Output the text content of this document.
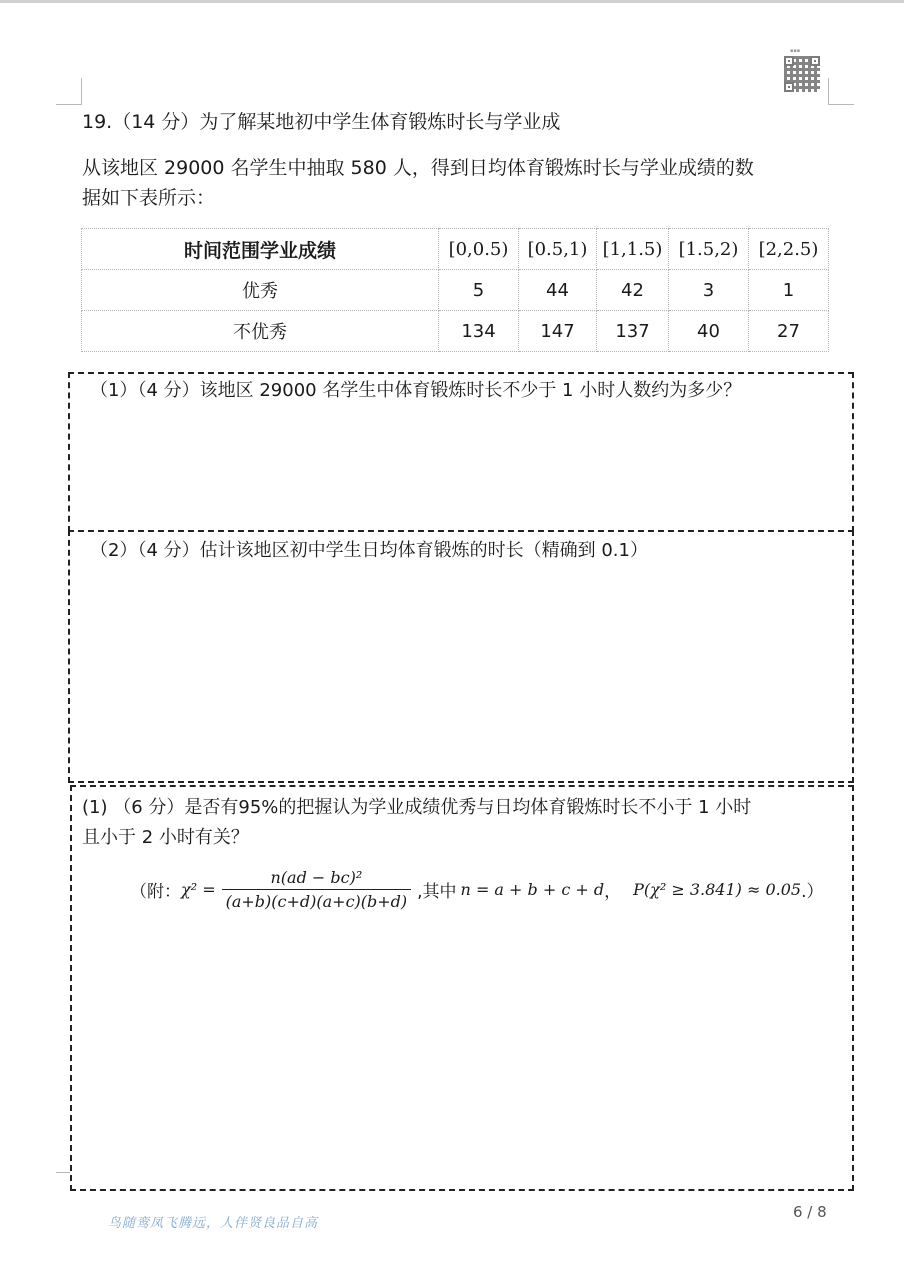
▪▪▪
19.（14 分）为了解某地初中学生体育锻炼时长与学业成
从该地区 29000 名学生中抽取 580 人，得到日均体育锻炼时长与学业成绩的数
据如下表所示：
时间范围学业成绩	[0,0.5)	[0.5,1)	[1,1.5)	[1.5,2)	[2,2.5)
优秀	5	44	42	3	1
不优秀	134	147	137	40	27
（1）（4 分）该地区 29000 名学生中体育锻炼时长不少于 1 小时人数约为多少？
（2）（4 分）估计该地区初中学生日均体育锻炼的时长（精确到 0.1）
(1) （6 分）是否有95%的把握认为学业成绩优秀与日均体育锻炼时长不小于 1 小时
且小于 2 小时有关？
（附： $\chi^2 = \frac{\text{n(ad − bc)²}}{(a+b)(c+d)(a+c)(b+d)}$ ,其中 n = a + b + c + d ， P(χ² ≥ 3.841) ≈ 0.05 .）
鸟随鸾凤飞腾远，人伴贤良品自高
6 / 8
